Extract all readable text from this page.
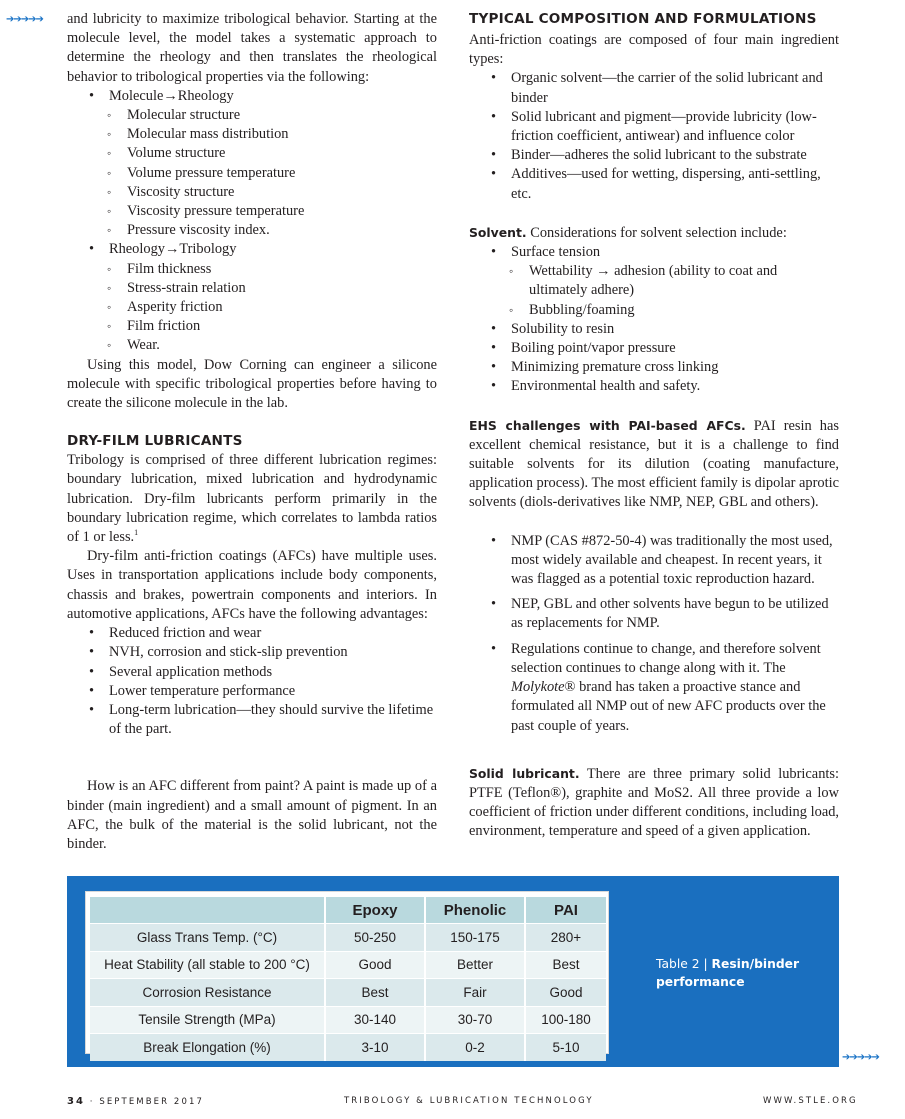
➔➔➔➔➔
➔➔➔➔➔

and lubricity to maximize tribological behavior. Starting at the molecule level, the model takes a systematic approach to determine the rheology and then translates the rheological behavior to tribological properties via the following:

• Molecule→Rheology
◦ Molecular structure
◦ Molecular mass distribution
◦ Volume structure
◦ Volume pressure temperature
◦ Viscosity structure
◦ Viscosity pressure temperature
◦ Pressure viscosity index.
• Rheology→Tribology
◦ Film thickness
◦ Stress-strain relation
◦ Asperity friction
◦ Film friction
◦ Wear.

Using this model, Dow Corning can engineer a silicone molecule with specific tribological properties before having to create the silicone molecule in the lab.

DRY-FILM LUBRICANTS

Tribology is comprised of three different lubrication regimes: boundary lubrication, mixed lubrication and hydrodynamic lubrication. Dry-film lubricants perform primarily in the boundary lubrication regime, which correlates to lambda ratios of 1 or less.$^1$

Dry-film anti-friction coatings (AFCs) have multiple uses. Uses in transportation applications include body components, chassis and brakes, powertrain components and interiors. In automotive applications, AFCs have the following advantages:

• Reduced friction and wear
• NVH, corrosion and stick-slip prevention
• Several application methods
• Lower temperature performance
• Long-term lubrication—they should survive the lifetime of the part.

How is an AFC different from paint? A paint is made up of a binder (main ingredient) and a small amount of pigment. In an AFC, the bulk of the material is the solid lubricant, not the binder.

TYPICAL COMPOSITION AND FORMULATIONS

Anti-friction coatings are composed of four main ingredient types:

• Organic solvent—the carrier of the solid lubricant and binder
• Solid lubricant and pigment—provide lubricity (low-friction coefficient, antiwear) and influence color
• Binder—adheres the solid lubricant to the substrate
• Additives—used for wetting, dispersing, anti-settling, etc.

Solvent. Considerations for solvent selection include:

• Surface tension
◦ Wettability → adhesion (ability to coat and ultimately adhere)
◦ Bubbling/foaming
• Solubility to resin
• Boiling point/vapor pressure
• Minimizing premature cross linking
• Environmental health and safety.

EHS challenges with PAI-based AFCs. PAI resin has excellent chemical resistance, but it is a challenge to find suitable solvents for its dilution (coating manufacture, application process). The most efficient family is dipolar aprotic solvents (diols-derivatives like NMP, NEP, GBL and others).

• NMP (CAS #872-50-4) was traditionally the most used, most widely available and cheapest. In recent years, it was flagged as a potential toxic reproduction hazard.
• NEP, GBL and other solvents have begun to be utilized as replacements for NMP.
• Regulations continue to change, and therefore solvent selection continues to change along with it. The Molykote® brand has taken a proactive stance and formulated all NMP out of new AFC products over the past couple of years.

Solid lubricant. There are three primary solid lubricants: PTFE (Teflon®), graphite and MoS2. All three provide a low coefficient of friction under different conditions, including load, environment, temperature and speed of a given application.

	Epoxy	Phenolic	PAI
Glass Trans Temp. (°C)	50-250	150-175	280+
Heat Stability (all stable to 200 °C)	Good	Better	Best
Corrosion Resistance	Best	Fair	Good
Tensile Strength (MPa)	30-140	30-70	100-180
Break Elongation (%)	3-10	0-2	5-10
Table 2 | Resin/binder performance
34 · SEPTEMBER 2017	TRIBOLOGY & LUBRICATION TECHNOLOGY	WWW.STLE.ORG
